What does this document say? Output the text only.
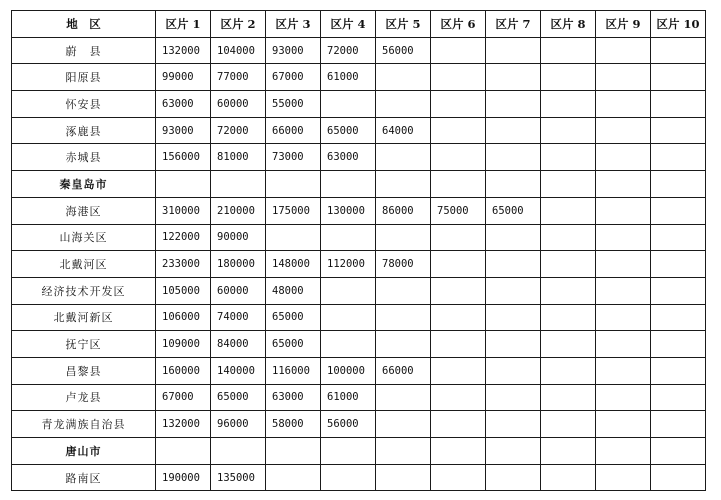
地　区	区片 1	区片 2	区片 3	区片 4	区片 5	区片 6	区片 7	区片 8	区片 9	区片 10
蔚　县	132000	104000	93000	72000	56000					
阳原县	99000	77000	67000	61000						
怀安县	63000	60000	55000							
涿鹿县	93000	72000	66000	65000	64000					
赤城县	156000	81000	73000	63000						
秦皇岛市										
海港区	310000	210000	175000	130000	86000	75000	65000			
山海关区	122000	90000								
北戴河区	233000	180000	148000	112000	78000					
经济技术开发区	105000	60000	48000							
北戴河新区	106000	74000	65000							
抚宁区	109000	84000	65000							
昌黎县	160000	140000	116000	100000	66000					
卢龙县	67000	65000	63000	61000						
青龙满族自治县	132000	96000	58000	56000						
唐山市										
路南区	190000	135000								
